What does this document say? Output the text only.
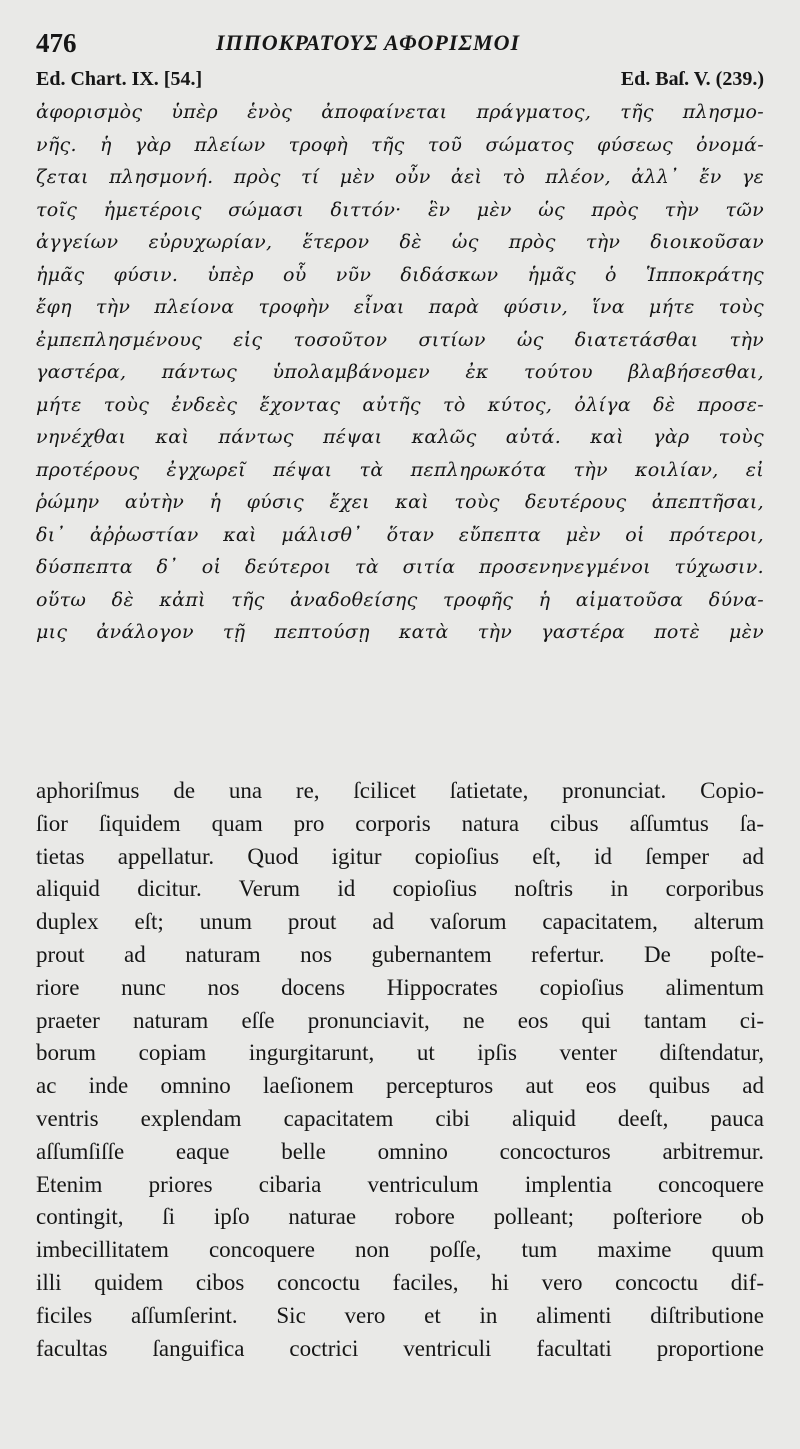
476	ΙΠΠΟΚΡΑΤΟΥΣ ΑΦΟΡΙΣΜΟΙ
Ed. Chart. IX. [54.]	Ed. Baſ. V. (239.)
ἀφορισμὸς ὑπὲρ ἑνὸς ἀποφαίνεται πράγματος, τῆς πλησμο-
νῆς. ἡ γὰρ πλείων τροφὴ τῆς τοῦ σώματος φύσεως ὀνομά-
ζεται πλησμονή. πρὸς τί μὲν οὖν ἀεὶ τὸ πλέον, ἀλλ᾽ ἔν γε
τοῖς ἡμετέροις σώμασι διττόν· ἓν μὲν ὡς πρὸς τὴν τῶν
ἀγγείων εὐρυχωρίαν, ἕτερον δὲ ὡς πρὸς τὴν διοικοῦσαν
ἡμᾶς φύσιν. ὑπὲρ οὗ νῦν διδάσκων ἡμᾶς ὁ Ἱπποκράτης
ἔφη τὴν πλείονα τροφὴν εἶναι παρὰ φύσιν, ἵνα μήτε τοὺς
ἐμπεπλησμένους εἰς τοσοῦτον σιτίων ὡς διατετάσθαι τὴν
γαστέρα, πάντως ὑπολαμβάνομεν ἐκ τούτου βλαβήσεσθαι,
μήτε τοὺς ἐνδεὲς ἔχοντας αὐτῆς τὸ κύτος, ὀλίγα δὲ προσε-
νηνέχθαι καὶ πάντως πέψαι καλῶς αὐτά. καὶ γὰρ τοὺς
προτέρους ἐγχωρεῖ πέψαι τὰ πεπληρωκότα τὴν κοιλίαν, εἰ
ῥώμην αὐτὴν ἡ φύσις ἔχει καὶ τοὺς δευτέρους ἀπεπτῆσαι,
δι᾽ ἀῤῥωστίαν καὶ μάλισθ᾽ ὅταν εὔπεπτα μὲν οἱ πρότεροι,
δύσπεπτα δ᾽ οἱ δεύτεροι τὰ σιτία προσενηνεγμένοι τύχωσιν.
οὕτω δὲ κἀπὶ τῆς ἀναδοθείσης τροφῆς ἡ αἱματοῦσα δύνα-
μις ἀνάλογον τῇ πεπτούσῃ κατὰ τὴν γαστέρα ποτὲ μὲν
aphoriſmus de una re, ſcilicet ſatietate, pronunciat. Copio-
ſior ſiquidem quam pro corporis natura cibus aſſumtus ſa-
tietas appellatur. Quod igitur copioſius eſt, id ſemper ad
aliquid dicitur. Verum id copioſius noſtris in corporibus
duplex eſt; unum prout ad vaſorum capacitatem, alterum
prout ad naturam nos gubernantem refertur. De poſte-
riore nunc nos docens Hippocrates copioſius alimentum
praeter naturam eſſe pronunciavit, ne eos qui tantam ci-
borum copiam ingurgitarunt, ut ipſis venter diſtendatur,
ac inde omnino laeſionem percepturos aut eos quibus ad
ventris explendam capacitatem cibi aliquid deeſt, pauca
aſſumſiſſe eaque belle omnino concocturos arbitremur.
Etenim priores cibaria ventriculum implentia concoquere
contingit, ſi ipſo naturae robore polleant; poſteriore ob
imbecillitatem concoquere non poſſe, tum maxime quum
illi quidem cibos concoctu faciles, hi vero concoctu dif-
ficiles aſſumſerint. Sic vero et in alimenti diſtributione
facultas ſanguifica coctrici ventriculi facultati proportione
